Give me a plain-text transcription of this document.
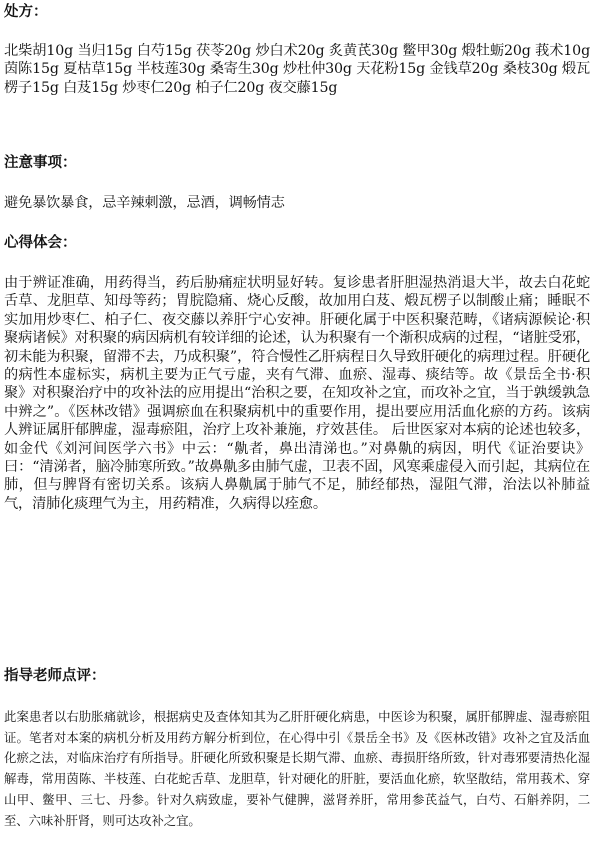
处方：

北柴胡10g 当归15g 白芍15g 茯苓20g 炒白术20g 炙黄芪30g 鳖甲30g 煅牡蛎20g 莪术10g 茵陈15g 夏枯草15g 半枝莲30g 桑寄生30g 炒杜仲30g 天花粉15g 金钱草20g 桑枝30g 煅瓦楞子15g 白芨15g 炒枣仁20g 柏子仁20g 夜交藤15g

注意事项：

避免暴饮暴食，忌辛辣刺激，忌酒，调畅情志

心得体会：

由于辨证准确，用药得当，药后胁痛症状明显好转。复诊患者肝胆湿热消退大半，故去白花蛇舌草、龙胆草、知母等药；胃脘隐痛、烧心反酸，故加用白芨、煅瓦楞子以制酸止痛；睡眠不实加用炒枣仁、柏子仁、夜交藤以养肝宁心安神。肝硬化属于中医积聚范畴，《诸病源候论·积聚病诸候》对积聚的病因病机有较详细的论述，认为积聚有一个渐积成病的过程，“诸脏受邪，初未能为积聚，留滞不去，乃成积聚”，符合慢性乙肝病程日久导致肝硬化的病理过程。肝硬化的病性本虚标实，病机主要为正气亏虚，夹有气滞、血瘀、湿毒、痰结等。故《景岳全书·积聚》对积聚治疗中的攻补法的应用提出“治积之要，在知攻补之宜，而攻补之宜，当于孰缓孰急中辨之”。《医林改错》强调瘀血在积聚病机中的重要作用，提出要应用活血化瘀的方药。该病人辨证属肝郁脾虚，湿毒瘀阻，治疗上攻补兼施，疗效甚佳。 后世医家对本病的论述也较多，如金代《刘河间医学六书》中云：“鼽者，鼻出清涕也。”对鼻鼽的病因，明代《证治要诀》曰：“清涕者，脑冷肺寒所致。”故鼻鼽多由肺气虚，卫表不固，风寒乘虚侵入而引起，其病位在肺，但与脾肾有密切关系。该病人鼻鼽属于肺气不足，肺经郁热，湿阻气滞，治法以补肺益气，清肺化痰理气为主，用药精准，久病得以痊愈。

指导老师点评：

此案患者以右肋胀痛就诊，根据病史及查体知其为乙肝肝硬化病患，中医诊为积聚，属肝郁脾虚、湿毒瘀阻证。笔者对本案的病机分析及用药方解分析到位，在心得中引《景岳全书》及《医林改错》攻补之宜及活血化瘀之法，对临床治疗有所指导。肝硬化所致积聚是长期气滞、血瘀、毒损肝络所致，针对毒邪要清热化湿解毒，常用茵陈、半枝莲、白花蛇舌草、龙胆草，针对硬化的肝脏，要活血化瘀，软坚散结，常用莪术、穿山甲、鳖甲、三七、丹参。针对久病致虚，要补气健脾，滋肾养肝，常用参芪益气，白芍、石斛养阴，二至、六味补肝肾，则可达攻补之宜。
